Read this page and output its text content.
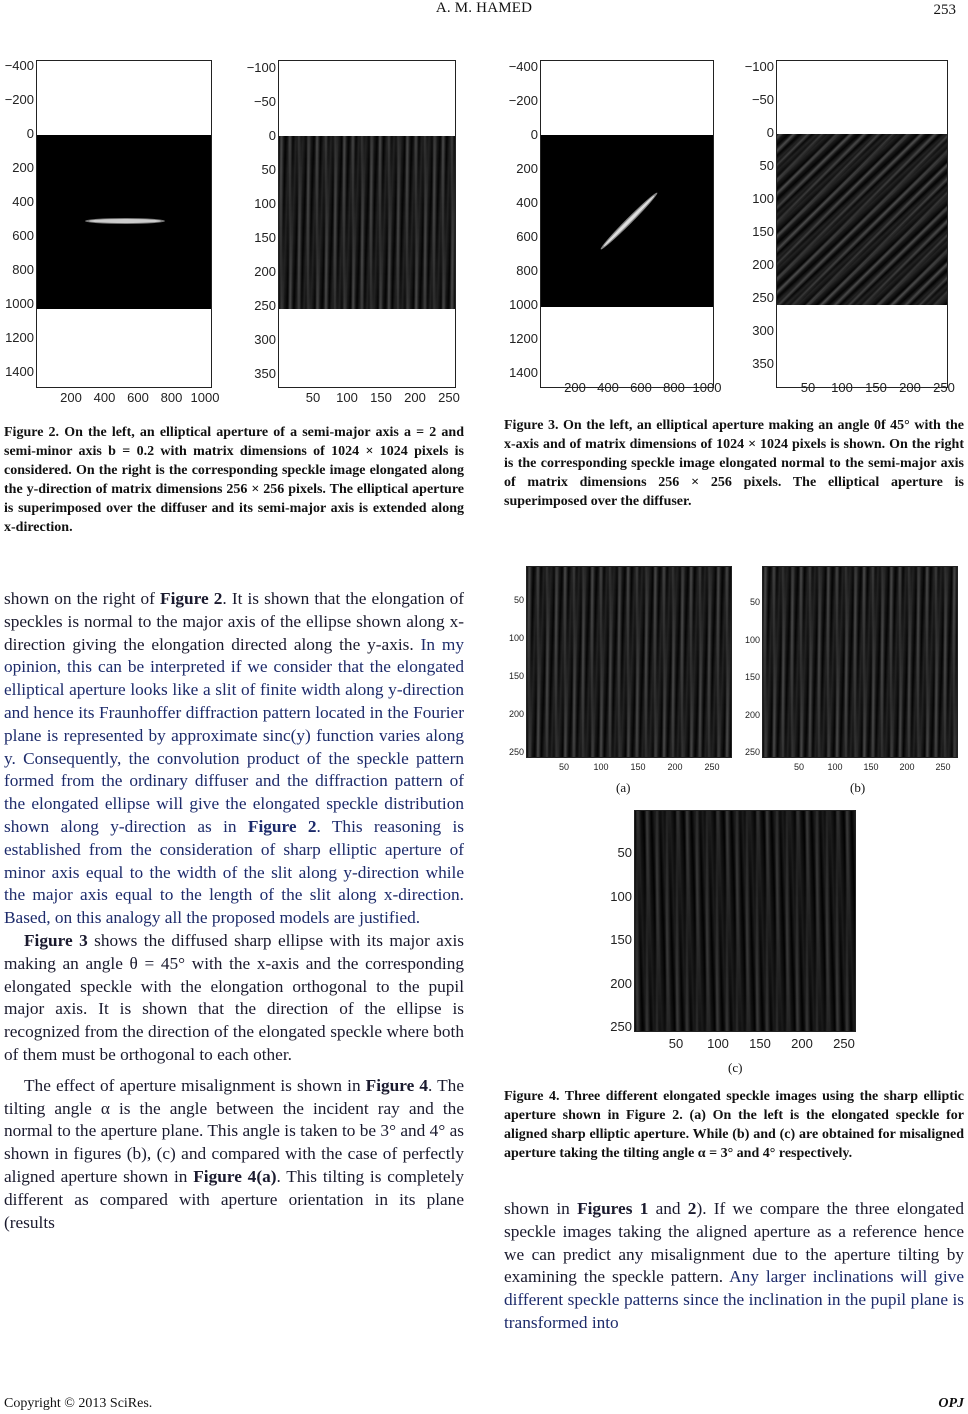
A. M. HAMED	253
−400
−200
0
200
400
600
800
1000
1200
1400
200 400 600 800 1000
−100
−50
0
50
100
150
200
250
300
350
50	100 150 200 250
Figure 2. On the left, an elliptical aperture of a semi-major axis a = 2 and semi-minor axis b = 0.2 with matrix dimensions of 1024 × 1024 pixels is considered. On the right is the corresponding speckle image elongated along the y-direction of matrix dimensions 256 × 256 pixels. The elliptical aperture is superimposed over the diffuser and its semi-major axis is extended along x-direction.
−400
−200
0
200
400
600
800
1000
1200
1400
200 400 600 800 1000
−100
−50
0
50
100
150
200
250
300
350
50	100 150 200 250
Figure 3. On the left, an elliptical aperture making an angle 0f 45° with the x-axis and of matrix dimensions of 1024 × 1024 pixels is shown. On the right is the corresponding speckle image elongated normal to the semi-major axis of matrix dimensions 256 × 256 pixels. The elliptical aperture is superimposed over the diffuser.
50
100
150
200
250
50	100	150	200	250
(a)
50
100
150
200
250
50	100	150	200	250
(b)
50
100
150
200
250
50	100	150	200	250
(c)
Figure 4. Three different elongated speckle images using the sharp elliptic aperture shown in Figure 2. (a) On the left is the elongated speckle for aligned sharp elliptic aperture. While (b) and (c) are obtained for misaligned aperture taking the tilting angle α = 3° and 4° respectively.

shown on the right of Figure 2. It is shown that the elongation of speckles is normal to the major axis of the ellipse shown along x-direction giving the elongation directed along the y-axis. In my opinion, this can be interpreted if we consider that the elongated elliptical aperture looks like a slit of finite width along y-direction and hence its Fraunhoffer diffraction pattern located in the Fourier plane is represented by approximate sinc(y) function varies along y. Consequently, the convolution product of the speckle pattern formed from the ordinary diffuser and the diffraction pattern of the elongated ellipse will give the elongated speckle distribution shown along y-direction as in Figure 2. This reasoning is established from the consideration of sharp elliptic aperture of minor axis equal to the width of the slit along y-direction while the major axis equal to the length of the slit along x-direction. Based, on this analogy all the proposed models are justified.

Figure 3 shows the diffused sharp ellipse with its major axis making an angle θ = 45° with the x-axis and the corresponding elongated speckle with the elongation orthogonal to the pupil major axis. It is shown that the direction of the ellipse is recognized from the direction of the elongated speckle where both of them must be orthogonal to each other.

The effect of aperture misalignment is shown in Figure 4. The tilting angle α is the angle between the incident ray and the normal to the aperture plane. This angle is taken to be 3° and 4° as shown in figures (b), (c) and compared with the case of perfectly aligned aperture shown in Figure 4(a). This tilting is completely different as compared with aperture orientation in its plane (results

shown in Figures 1 and 2). If we compare the three elongated speckle images taking the aligned aperture as a reference hence we can predict any misalignment due to the aperture tilting by examining the speckle pattern. Any larger inclinations will give different speckle patterns since the inclination in the pupil plane is transformed into

Copyright © 2013 SciRes.	OPJ
